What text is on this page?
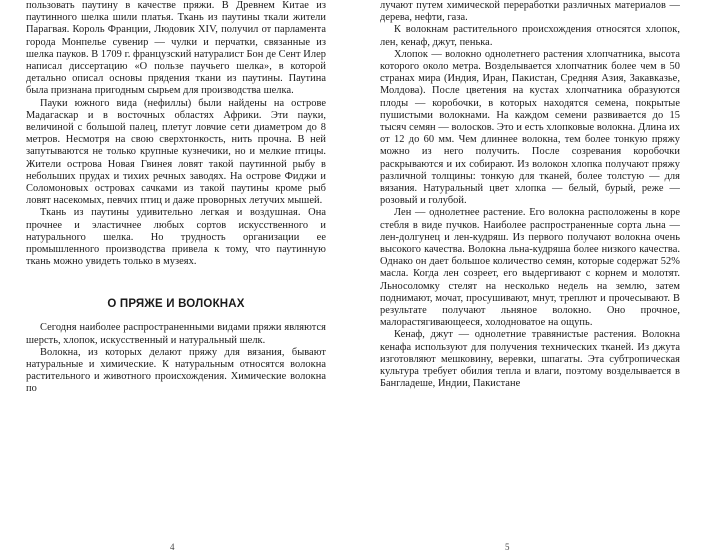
пользовать паутину в качестве пряжи. В Древнем Китае из паутинного шелка шили платья. Ткань из паутины ткали жители Парагвая. Король Франции, Людовик XIV, получил от парламента города Монпелье сувенир — чулки и перчатки, связанные из шелка пауков. В 1709 г. французский натуралист Бон де Сент Илер написал диссертацию «О пользе паучьего шелка», в которой детально описал основы прядения ткани из паутины. Паутина была признана пригодным сырьем для производства шелка.

Пауки южного вида (нефиллы) были найдены на острове Мадагаскар и в восточных областях Африки. Эти пауки, величиной с большой палец, плетут ловчие сети диаметром до 8 метров. Несмотря на свою сверхтонкость, нить прочна. В ней запутываются не только крупные кузнечики, но и мелкие птицы. Жители острова Новая Гвинея ловят такой паутинной рыбу в небольших прудах и тихих речных заводях. На острове Фиджи и Соломоновых островах сачками из такой паутины кроме рыб ловят насекомых, певчих птиц и даже проворных летучих мышей.

Ткань из паутины удивительно легкая и воздушная. Она прочнее и эластичнее любых сортов искусственного и натурального шелка. Но трудность организации ее промышленного производства привела к тому, что паутинную ткань можно увидеть только в музеях.

О ПРЯЖЕ И ВОЛОКНАХ

Сегодня наиболее распространенными видами пряжи являются шерсть, хлопок, искусственный и натуральный шелк.

Волокна, из которых делают пряжу для вязания, бывают натуральные и химические. К натуральным относятся волокна растительного и животного происхождения. Химические волокна по

лучают путем химической переработки различных материалов — дерева, нефти, газа.

К волокнам растительного происхождения относятся хлопок, лен, кенаф, джут, пенька.

Хлопок — волокно однолетнего растения хлопчатника, высота которого около метра. Возделывается хлопчатник более чем в 50 странах мира (Индия, Иран, Пакистан, Средняя Азия, Закавказье, Молдова). После цветения на кустах хлопчатника образуются плоды — коробочки, в которых находятся семена, покрытые пушистыми волокнами. На каждом семени развивается до 15 тысяч семян — волосков. Это и есть хлопковые волокна. Длина их от 12 до 60 мм. Чем длиннее волокна, тем более тонкую пряжу можно из него получить. После созревания коробочки раскрываются и их собирают. Из волокон хлопка получают пряжу различной толщины: тонкую для тканей, более толстую — для вязания. Натуральный цвет хлопка — белый, бурый, реже — розовый и голубой.

Лен — однолетнее растение. Его волокна расположены в коре стебля в виде пучков. Наиболее распространенные сорта льна — лен-долгунец и лен-кудряш. Из первого получают волокна очень высокого качества. Волокна льна-кудряша более низкого качества. Однако он дает большое количество семян, которые содержат 52% масла. Когда лен созреет, его выдергивают с корнем и молотят. Льносоломку стелят на несколько недель на землю, затем поднимают, мочат, просушивают, мнут, треплют и прочесывают. В результате получают льняное волокно. Оно прочное, малорастягивающееся, холодноватое на ощупь.

Кенаф, джут — однолетние травянистые растения. Волокна кенафа используют для получения технических тканей. Из джута изготовляют мешковину, веревки, шпагаты. Эта субтропическая культура требует обилия тепла и влаги, поэтому возделывается в Бангладеше, Индии, Пакистане

4	5
